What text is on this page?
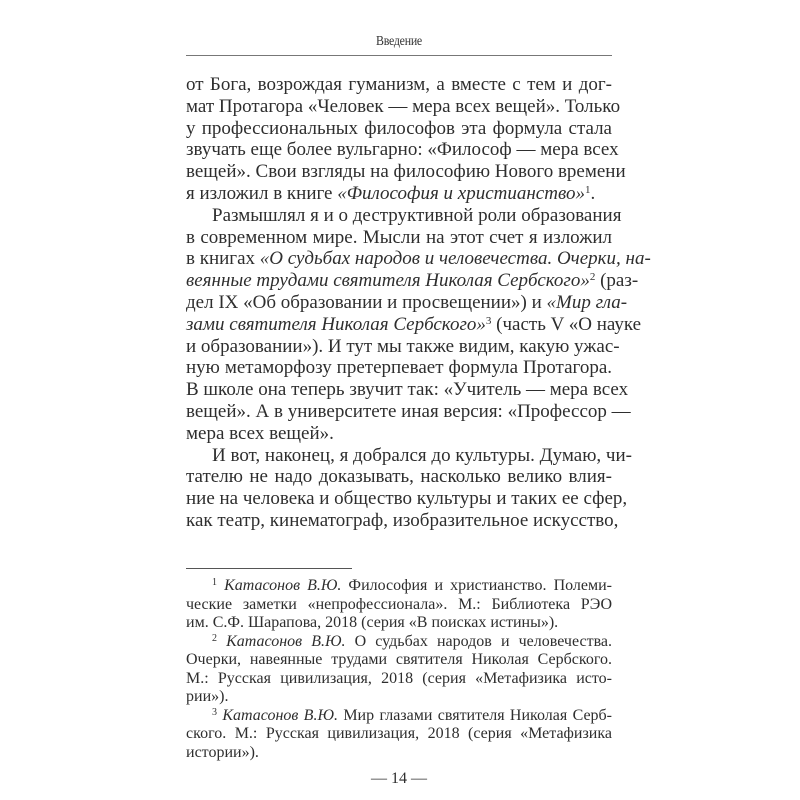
Введение
от Бога, возрождая гуманизм, а вместе с тем и дог-
мат Протагора «Человек — мера всех вещей». Только
у профессиональных философов эта формула стала
звучать еще более вульгарно: «Философ — мера всех
вещей». Свои взгляды на философию Нового времени
я изложил в книге «Философия и христианство»$^1$.
Размышлял я и о деструктивной роли образования
в современном мире. Мысли на этот счет я изложил
в книгах «О судьбах народов и человечества. Очерки, на-
веянные трудами святителя Николая Сербского»$^2$ (раз-
дел IX «Об образовании и просвещении») и «Мир гла-
зами святителя Николая Сербского»$^3$ (часть V «О науке
и образовании»). И тут мы также видим, какую ужас-
ную метаморфозу претерпевает формула Протагора.
В школе она теперь звучит так: «Учитель — мера всех
вещей». А в университете иная версия: «Профессор —
мера всех вещей».
И вот, наконец, я добрался до культуры. Думаю, чи-
тателю не надо доказывать, насколько велико влия-
ние на человека и общество культуры и таких ее сфер,
как театр, кинематограф, изобразительное искусство,
$^1$ Катасонов В.Ю. Философия и христианство. Полеми-
ческие заметки «непрофессионала». М.: Библиотека РЭО
им. С.Ф. Шарапова, 2018 (серия «В поисках истины»).
$^2$ Катасонов В.Ю. О судьбах народов и человечества.
Очерки, навеянные трудами святителя Николая Сербского.
М.: Русская цивилизация, 2018 (серия «Метафизика исто-
рии»).
$^3$ Катасонов В.Ю. Мир глазами святителя Николая Серб-
ского. М.: Русская цивилизация, 2018 (серия «Метафизика
истории»).
— 14 —
